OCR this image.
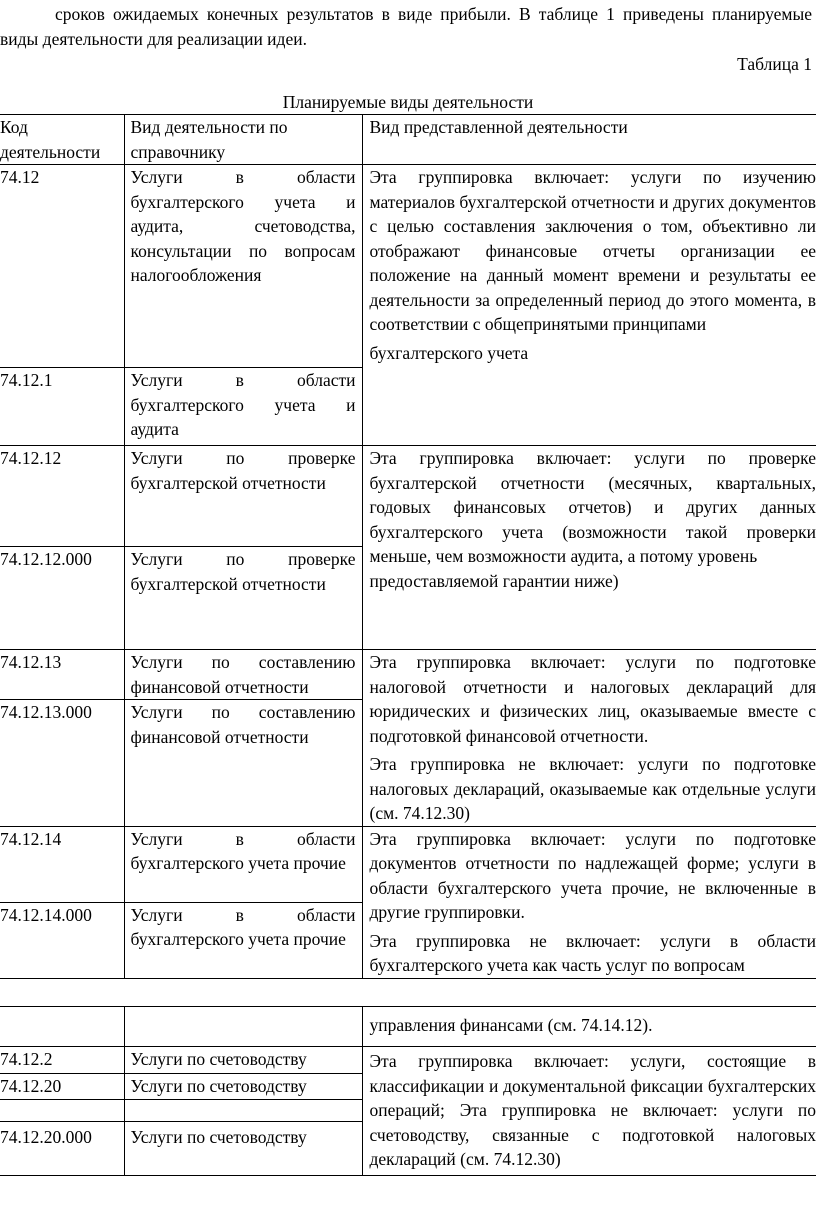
сроков ожидаемых конечных результатов в виде прибыли. В таблице 1 приведены планируемые виды деятельности для реализации идеи.

Таблица 1
Планируемые виды деятельности
Код деятельности	Вид деятельности по справочнику	Вид представленной деятельности
74.12	Услуги в области бухгалтерского учета и аудита, счетоводства, консультации по вопросам налогообложения	Эта группировка включает: услуги по изучению материалов бухгалтерской отчетности и других документов с целью составления заключения о том, объективно ли отображают финансовые отчеты организации ее положение на данный момент времени и результаты ее деятельности за определенный период до этого момента, в соответствии с общепринятыми принципами
бухгалтерского учета

74.12.1	Услуги в области бухгалтерского учета и аудита	
74.12.12	Услуги по проверке бухгалтерской отчетности	Эта группировка включает: услуги по проверке бухгалтерской отчетности (месячных, квартальных, годовых финансовых отчетов) и других данных бухгалтерского учета (возможности такой проверки меньше, чем возможности аудита, а потому уровень
предоставляемой гарантии ниже)

74.12.12.000	Услуги по проверке бухгалтерской отчетности	
74.12.13	Услуги по составлению финансовой отчетности	Эта группировка включает: услуги по подготовке налоговой отчетности и налоговых деклараций для юридических и физических лиц, оказываемые вместе с подготовкой финансовой отчетности.
Эта группировка не включает: услуги по подготовке налоговых деклараций, оказываемые как отдельные услуги (см. 74.12.30)

74.12.13.000	Услуги по составлению финансовой отчетности	
74.12.14	Услуги в области бухгалтерского учета прочие	Эта группировка включает: услуги по подготовке документов отчетности по надлежащей форме; услуги в области бухгалтерского учета прочие, не включенные в другие группировки.
Эта группировка не включает: услуги в области бухгалтерского учета как часть услуг по вопросам

74.12.14.000	Услуги в области бухгалтерского учета прочие	
		управления финансами (см. 74.14.12).
74.12.2	Услуги по счетоводству	Эта группировка включает: услуги, состоящие в классификации и документальной фиксации бухгалтерских операций; Эта группировка не включает: услуги по счетоводству, связанные с подготовкой налоговых деклараций (см. 74.12.30)
74.12.20	Услуги по счетоводству	

74.12.20.000	Услуги по счетоводству	
